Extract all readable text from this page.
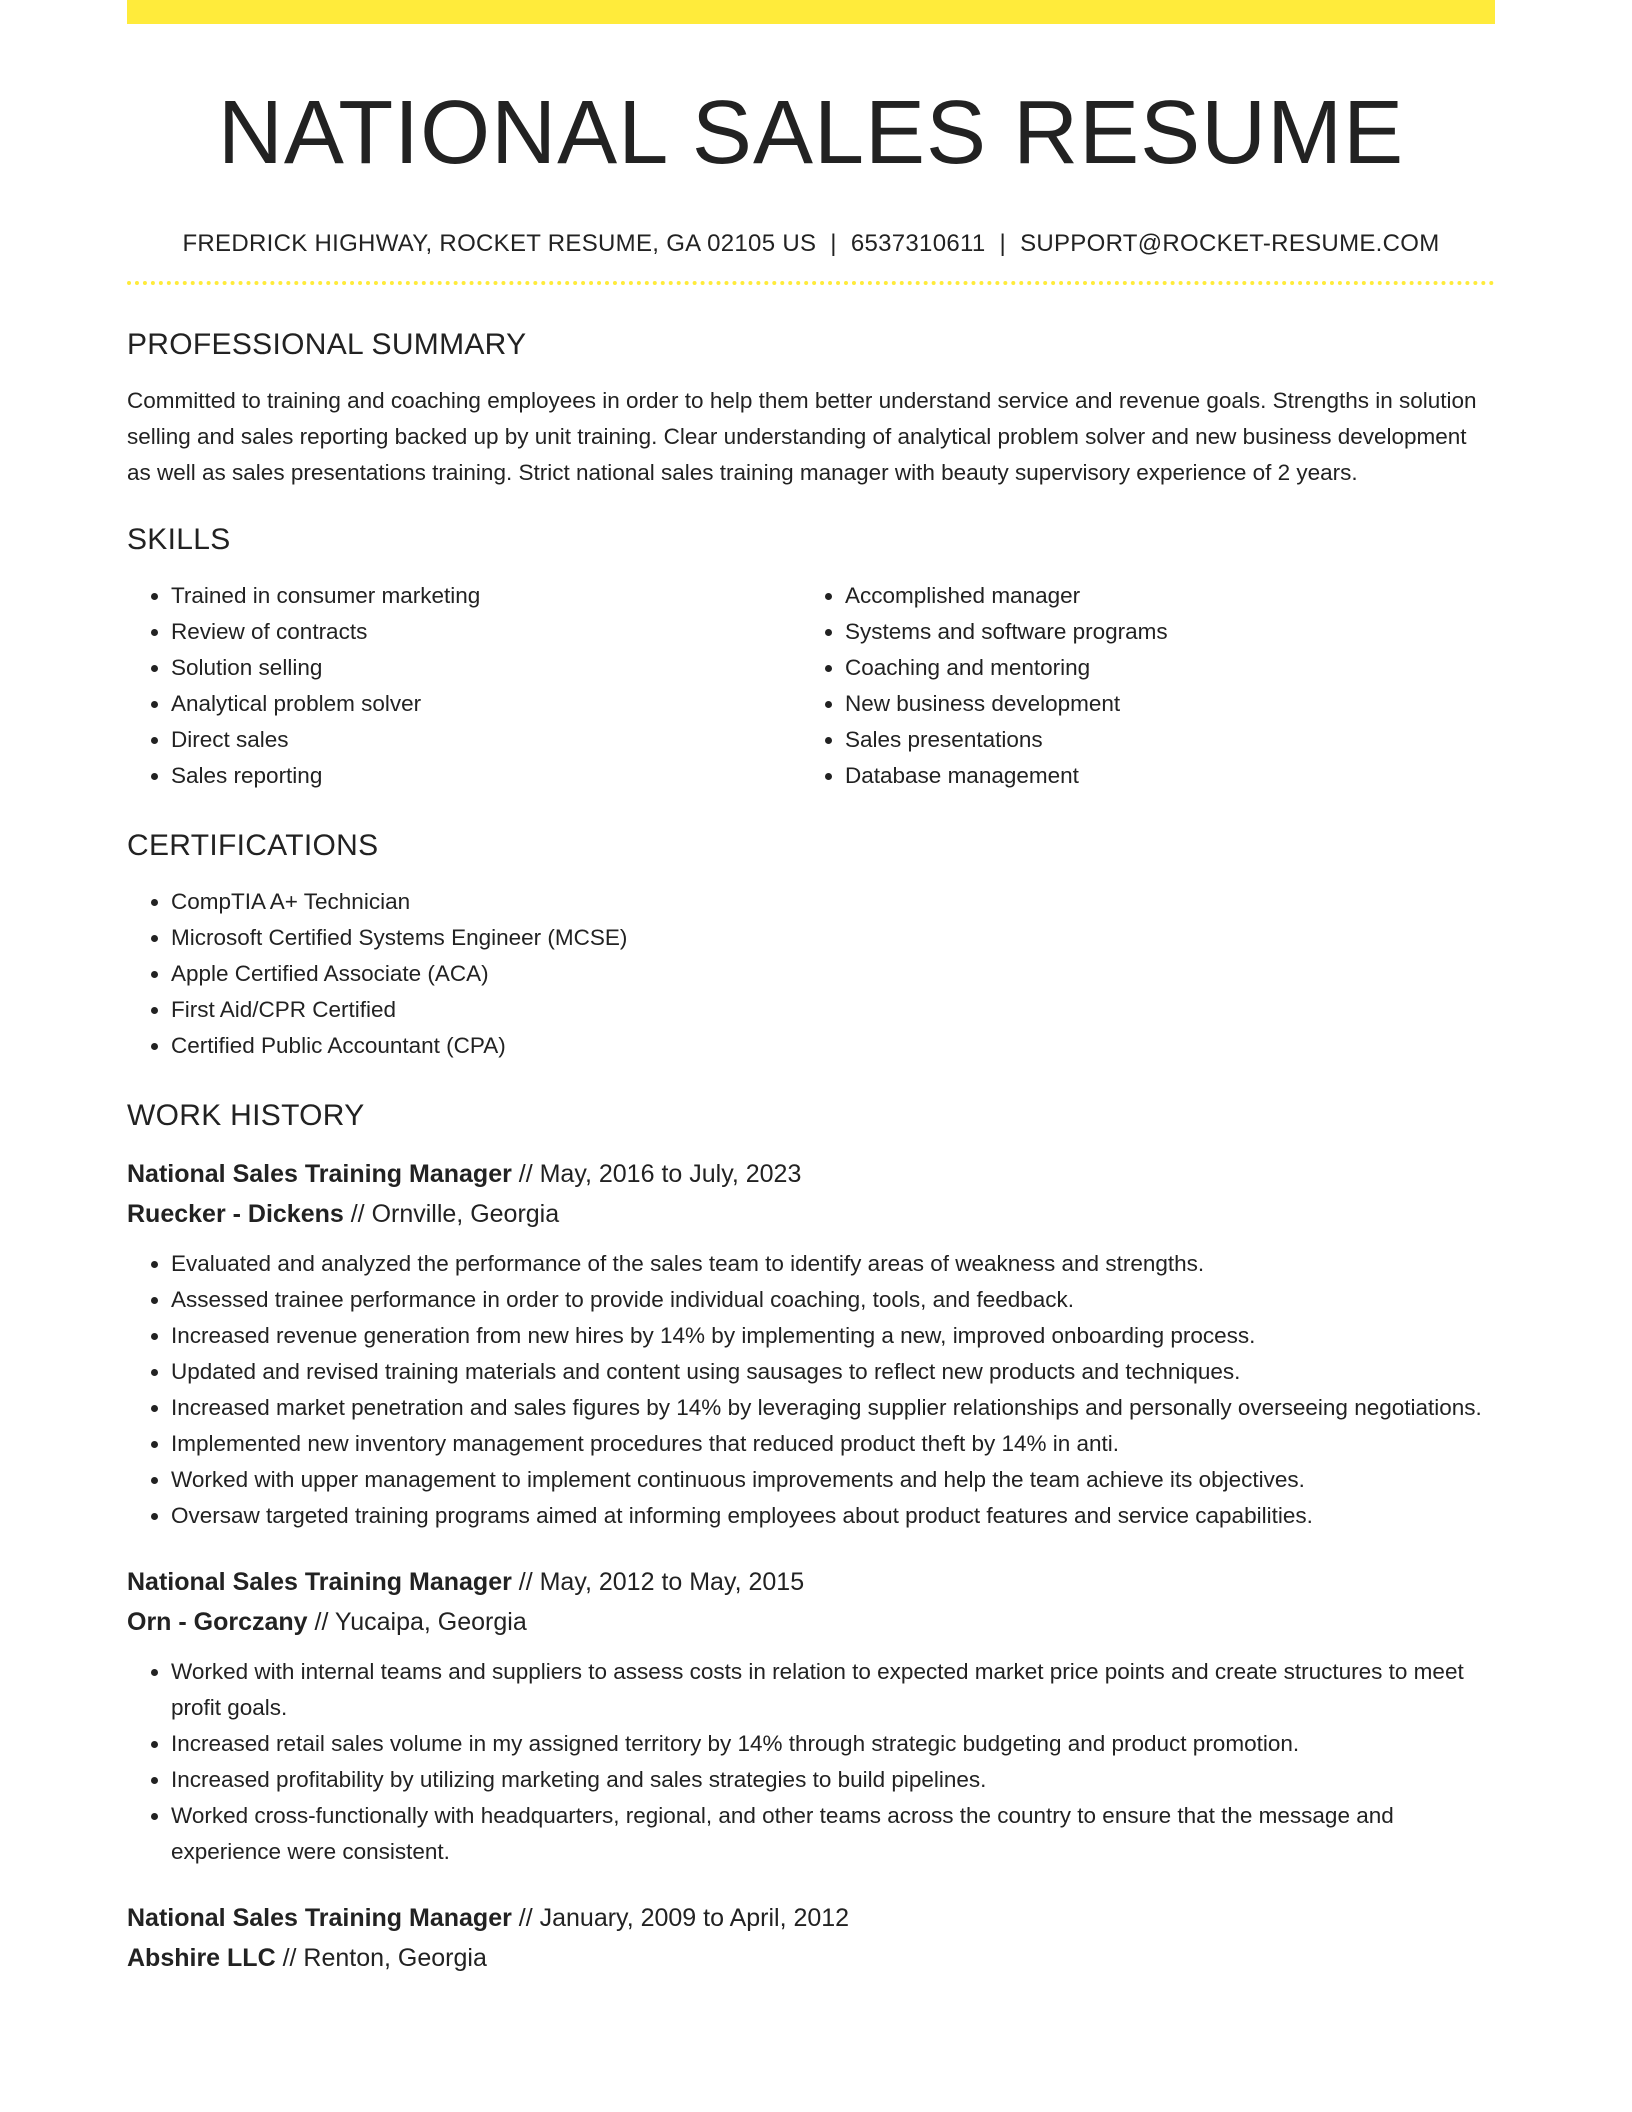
NATIONAL SALES RESUME
FREDRICK HIGHWAY, ROCKET RESUME, GA 02105 US | 6537310611 | SUPPORT@ROCKET-RESUME.COM
PROFESSIONAL SUMMARY
Committed to training and coaching employees in order to help them better understand service and revenue goals. Strengths in solution selling and sales reporting backed up by unit training. Clear understanding of analytical problem solver and new business development as well as sales presentations training. Strict national sales training manager with beauty supervisory experience of 2 years.
SKILLS
• Trained in consumer marketing
• Review of contracts
• Solution selling
• Analytical problem solver
• Direct sales
• Sales reporting
• Accomplished manager
• Systems and software programs
• Coaching and mentoring
• New business development
• Sales presentations
• Database management
CERTIFICATIONS
• CompTIA A+ Technician
• Microsoft Certified Systems Engineer (MCSE)
• Apple Certified Associate (ACA)
• First Aid/CPR Certified
• Certified Public Accountant (CPA)
WORK HISTORY
National Sales Training Manager // May, 2016 to July, 2023
Ruecker - Dickens // Ornville, Georgia
• Evaluated and analyzed the performance of the sales team to identify areas of weakness and strengths.
• Assessed trainee performance in order to provide individual coaching, tools, and feedback.
• Increased revenue generation from new hires by 14% by implementing a new, improved onboarding process.
• Updated and revised training materials and content using sausages to reflect new products and techniques.
• Increased market penetration and sales figures by 14% by leveraging supplier relationships and personally overseeing negotiations.
• Implemented new inventory management procedures that reduced product theft by 14% in anti.
• Worked with upper management to implement continuous improvements and help the team achieve its objectives.
• Oversaw targeted training programs aimed at informing employees about product features and service capabilities.
National Sales Training Manager // May, 2012 to May, 2015
Orn - Gorczany // Yucaipa, Georgia
• Worked with internal teams and suppliers to assess costs in relation to expected market price points and create structures to meet profit goals.
• Increased retail sales volume in my assigned territory by 14% through strategic budgeting and product promotion.
• Increased profitability by utilizing marketing and sales strategies to build pipelines.
• Worked cross-functionally with headquarters, regional, and other teams across the country to ensure that the message and experience were consistent.
National Sales Training Manager // January, 2009 to April, 2012
Abshire LLC // Renton, Georgia
